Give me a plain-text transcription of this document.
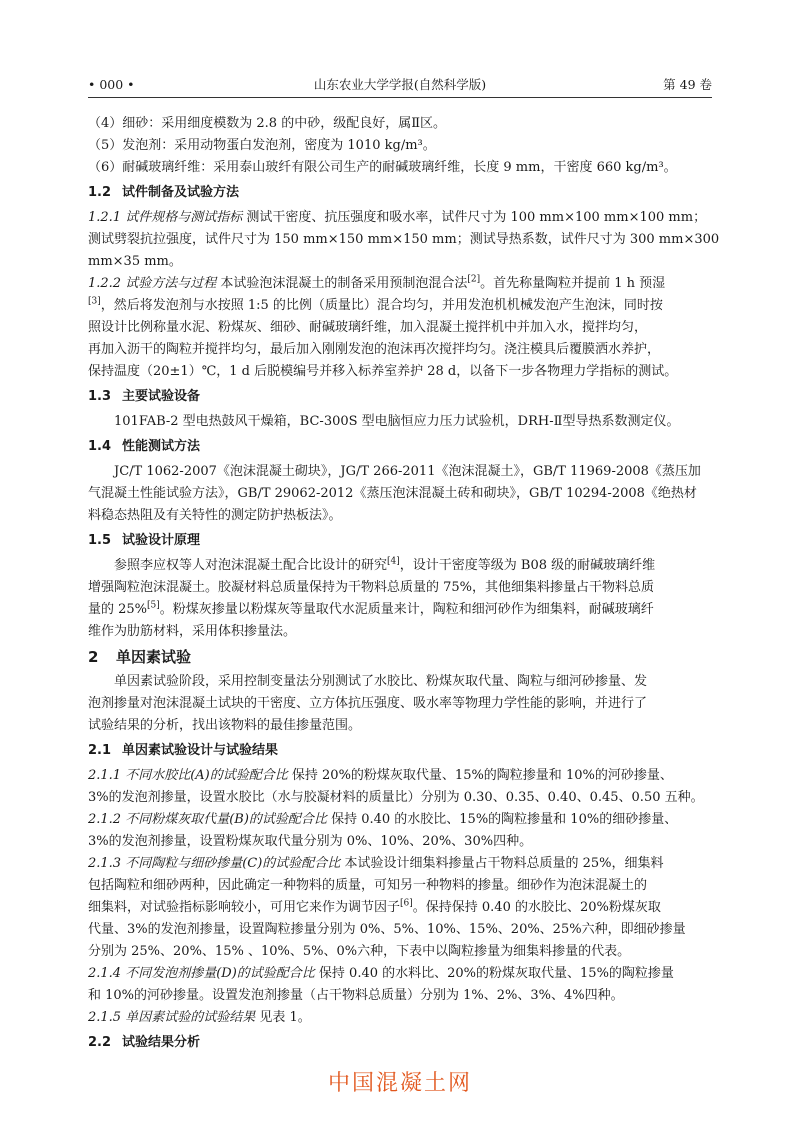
• 000 •	山东农业大学学报(自然科学版)	第 49 卷

（4）细砂：采用细度模数为 2.8 的中砂，级配良好，属Ⅱ区。

（5）发泡剂：采用动物蛋白发泡剂，密度为 1010 kg/m³。

（6）耐碱玻璃纤维：采用泰山玻纤有限公司生产的耐碱玻璃纤维，长度 9 mm，干密度 660 kg/m³。

1.2 试件制备及试验方法

1.2.1 试件规格与测试指标 测试干密度、抗压强度和吸水率，试件尺寸为 100 mm×100 mm×100 mm；

测试劈裂抗拉强度，试件尺寸为 150 mm×150 mm×150 mm；测试导热系数，试件尺寸为 300 mm×300

mm×35 mm。

1.2.2 试验方法与过程 本试验泡沫混凝土的制备采用预制泡混合法[2]。首先称量陶粒并提前 1 h 预湿

[3]，然后将发泡剂与水按照 1:5 的比例（质量比）混合均匀，并用发泡机机械发泡产生泡沫，同时按

照设计比例称量水泥、粉煤灰、细砂、耐碱玻璃纤维，加入混凝土搅拌机中并加入水，搅拌均匀，

再加入沥干的陶粒并搅拌均匀，最后加入刚刚发泡的泡沫再次搅拌均匀。浇注模具后覆膜洒水养护，

保持温度（20±1）℃，1 d 后脱模编号并移入标养室养护 28 d，以备下一步各物理力学指标的测试。

1.3 主要试验设备

101FAB-2 型电热鼓风干燥箱，BC-300S 型电脑恒应力压力试验机，DRH-Ⅱ型导热系数测定仪。

1.4 性能测试方法

JC/T 1062-2007《泡沫混凝土砌块》，JG/T 266-2011《泡沫混凝土》，GB/T 11969-2008《蒸压加

气混凝土性能试验方法》，GB/T 29062-2012《蒸压泡沫混凝土砖和砌块》，GB/T 10294-2008《绝热材

料稳态热阻及有关特性的测定防护热板法》。

1.5 试验设计原理

参照李应权等人对泡沫混凝土配合比设计的研究[4]，设计干密度等级为 B08 级的耐碱玻璃纤维

增强陶粒泡沫混凝土。胶凝材料总质量保持为干物料总质量的 75%，其他细集料掺量占干物料总质

量的 25%[5]。粉煤灰掺量以粉煤灰等量取代水泥质量来计，陶粒和细河砂作为细集料，耐碱玻璃纤

维作为肋筋材料，采用体积掺量法。

2 单因素试验

单因素试验阶段，采用控制变量法分别测试了水胶比、粉煤灰取代量、陶粒与细河砂掺量、发

泡剂掺量对泡沫混凝土试块的干密度、立方体抗压强度、吸水率等物理力学性能的影响，并进行了

试验结果的分析，找出该物料的最佳掺量范围。

2.1 单因素试验设计与试验结果

2.1.1 不同水胶比(A)的试验配合比 保持 20%的粉煤灰取代量、15%的陶粒掺量和 10%的河砂掺量、

3%的发泡剂掺量，设置水胶比（水与胶凝材料的质量比）分别为 0.30、0.35、0.40、0.45、0.50 五种。

2.1.2 不同粉煤灰取代量(B)的试验配合比 保持 0.40 的水胶比、15%的陶粒掺量和 10%的细砂掺量、

3%的发泡剂掺量，设置粉煤灰取代量分别为 0%、10%、20%、30%四种。

2.1.3 不同陶粒与细砂掺量(C)的试验配合比 本试验设计细集料掺量占干物料总质量的 25%，细集料

包括陶粒和细砂两种，因此确定一种物料的质量，可知另一种物料的掺量。细砂作为泡沫混凝土的

细集料，对试验指标影响较小，可用它来作为调节因子[6]。保持保持 0.40 的水胶比、20%粉煤灰取

代量、3%的发泡剂掺量，设置陶粒掺量分别为 0%、5%、10%、15%、20%、25%六种，即细砂掺量

分别为 25%、20%、15% 、10%、5%、0%六种，下表中以陶粒掺量为细集料掺量的代表。

2.1.4 不同发泡剂掺量(D)的试验配合比 保持 0.40 的水料比、20%的粉煤灰取代量、15%的陶粒掺量

和 10%的河砂掺量。设置发泡剂掺量（占干物料总质量）分别为 1%、2%、3%、4%四种。

2.1.5 单因素试验的试验结果 见表 1。

2.2 试验结果分析
中国混凝土网
